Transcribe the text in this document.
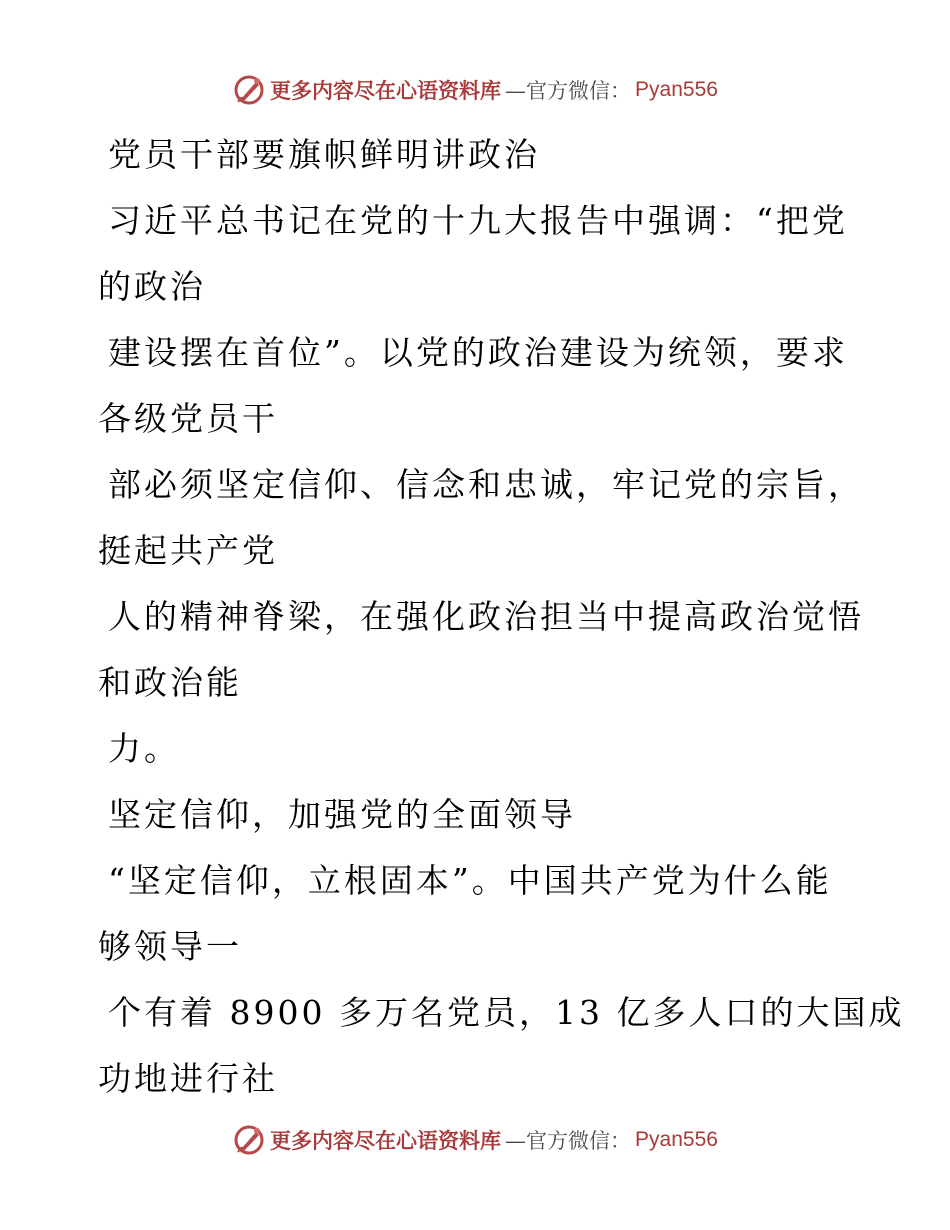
更多内容尽在心语资料库 —官方微信： Pyan556

党员干部要旗帜鲜明讲政治

习近平总书记在党的十九大报告中强调：“把党

的政治

建设摆在首位”。以党的政治建设为统领，要求

各级党员干

部必须坚定信仰、信念和忠诚，牢记党的宗旨，

挺起共产党

人的精神脊梁，在强化政治担当中提高政治觉悟

和政治能

力。

坚定信仰，加强党的全面领导

“坚定信仰，立根固本”。中国共产党为什么能

够领导一

个有着 8900 多万名党员，13 亿多人口的大国成

功地进行社

更多内容尽在心语资料库 —官方微信： Pyan556
